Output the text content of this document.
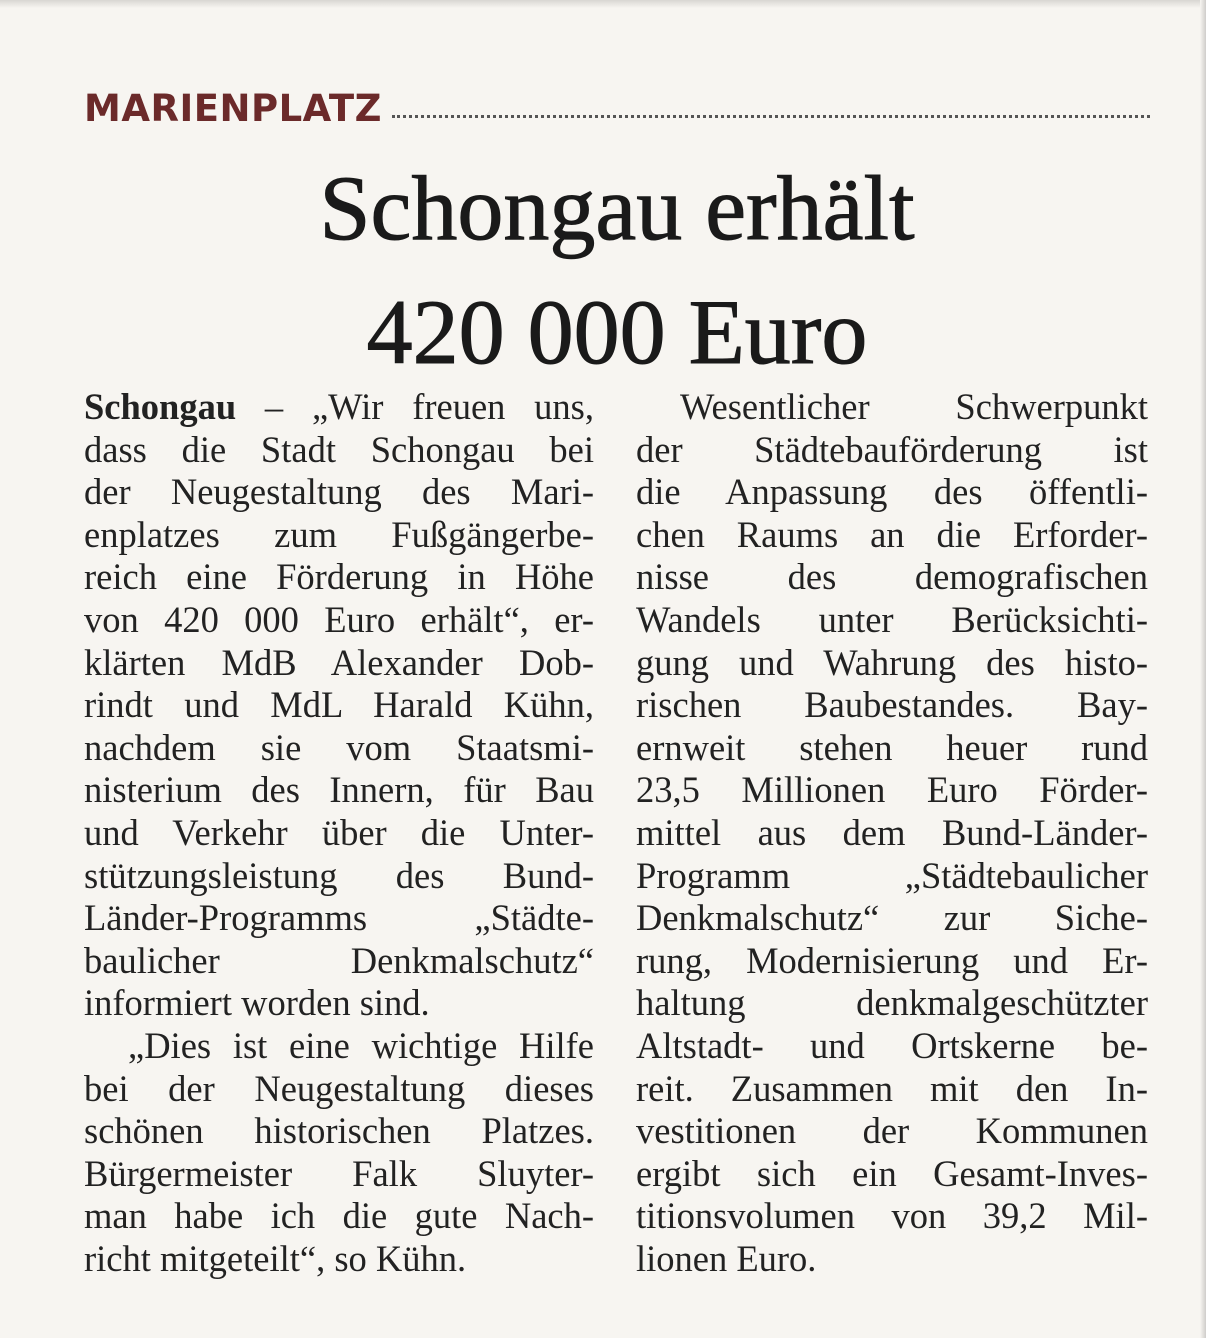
MARIENPLATZ
Schongau erhält
420 000 Euro
Schongau – „Wir freuen uns,
dass die Stadt Schongau bei
der Neugestaltung des Mari-
enplatzes zum Fußgängerbe-
reich eine Förderung in Höhe
von 420 000 Euro erhält“, er-
klärten MdB Alexander Dob-
rindt und MdL Harald Kühn,
nachdem sie vom Staatsmi-
nisterium des Innern, für Bau
und Verkehr über die Unter-
stützungsleistung des Bund-
Länder-Programms „Städte-
baulicher Denkmalschutz“
informiert worden sind.
„Dies ist eine wichtige Hilfe
bei der Neugestaltung dieses
schönen historischen Platzes.
Bürgermeister Falk Sluyter-
man habe ich die gute Nach-
richt mitgeteilt“, so Kühn.
Wesentlicher Schwerpunkt
der Städtebauförderung ist
die Anpassung des öffentli-
chen Raums an die Erforder-
nisse des demografischen
Wandels unter Berücksichti-
gung und Wahrung des histo-
rischen Baubestandes. Bay-
ernweit stehen heuer rund
23,5 Millionen Euro Förder-
mittel aus dem Bund-Länder-
Programm „Städtebaulicher
Denkmalschutz“ zur Siche-
rung, Modernisierung und Er-
haltung denkmalgeschützter
Altstadt- und Ortskerne be-
reit. Zusammen mit den In-
vestitionen der Kommunen
ergibt sich ein Gesamt-Inves-
titionsvolumen von 39,2 Mil-
lionen Euro.
